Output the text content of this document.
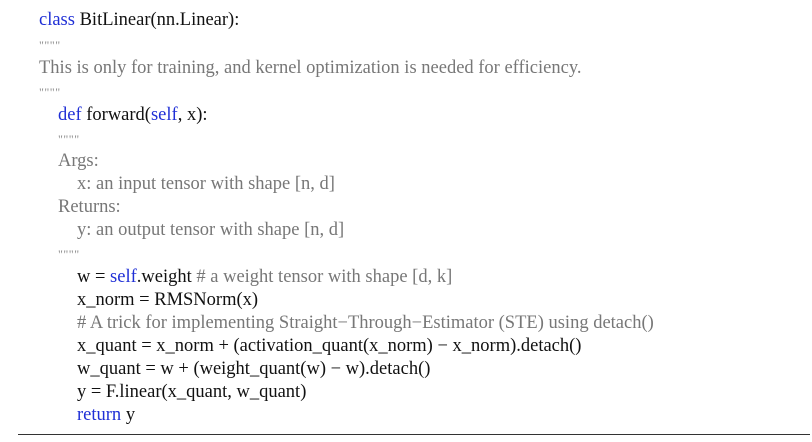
class BitLinear(nn.Linear):
""""
This is only for training, and kernel optimization is needed for efficiency.
""""
def forward(self, x):
""""
Args:
x: an input tensor with shape [n, d]
Returns:
y: an output tensor with shape [n, d]
""""
w = self.weight # a weight tensor with shape [d, k]
x_norm = RMSNorm(x)
# A trick for implementing Straight−Through−Estimator (STE) using detach()
x_quant = x_norm + (activation_quant(x_norm) − x_norm).detach()
w_quant = w + (weight_quant(w) − w).detach()
y = F.linear(x_quant, w_quant)
return y
